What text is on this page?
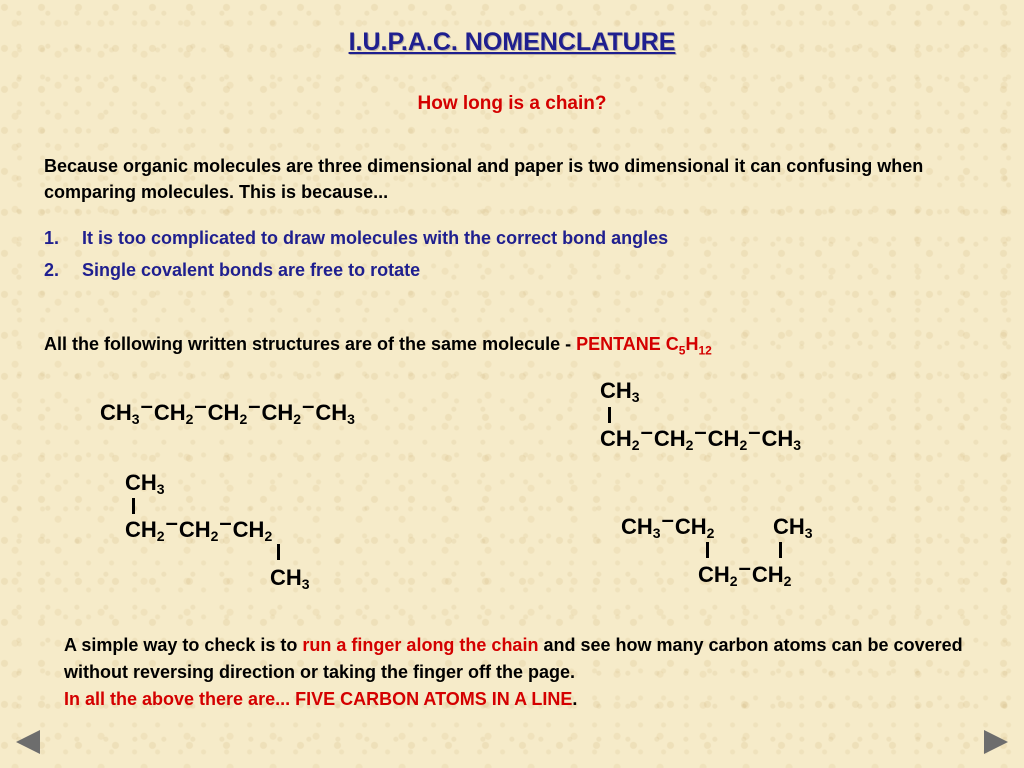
I.U.P.A.C. NOMENCLATURE
How long is a chain?
Because organic molecules are three dimensional and paper is two dimensional it can confusing when comparing molecules. This is because...
1. It is too complicated to draw molecules with the correct bond angles
2. Single covalent bonds are free to rotate
All the following written structures are of the same molecule - PENTANE $C_5H_{12}$
$CH_3-CH_2-CH_2-CH_2-CH_3$
$CH_3$
$CH_2-CH_2-CH_2-CH_3$
$CH_3$
$CH_2-CH_2-CH_2$
$CH_3$
$CH_3-CH_2$	$CH_3$
$CH_2-CH_2$
A simple way to check is to run a finger along the chain and see how many carbon atoms can be covered without reversing direction or taking the finger off the page.
In all the above there are... FIVE CARBON ATOMS IN A LINE.
